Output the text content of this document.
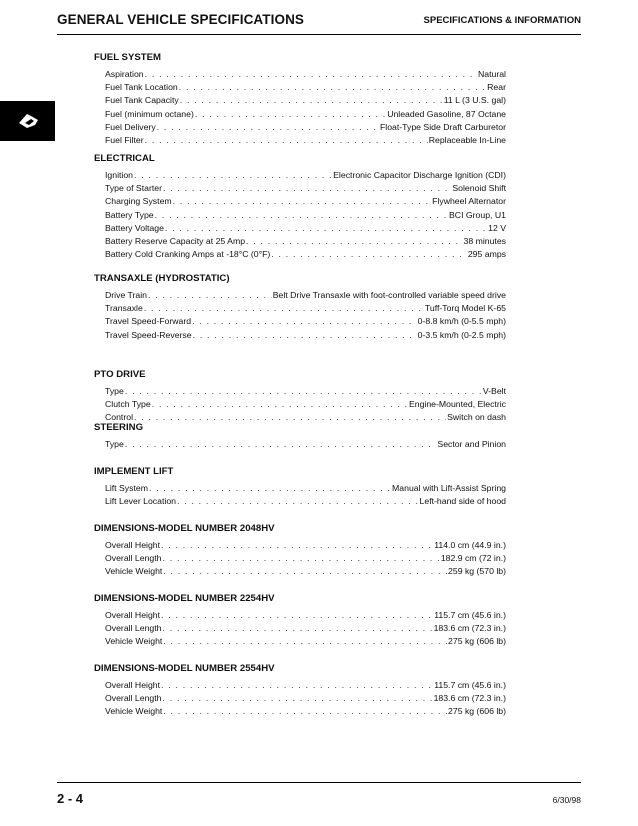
GENERAL VEHICLE SPECIFICATIONS	SPECIFICATIONS & INFORMATION
FUEL SYSTEM
Aspiration . . .	Natural
Fuel Tank Location . . .	Rear
Fuel Tank Capacity . . .	11 L (3 U.S. gal)
Fuel (minimum octane) . . .	Unleaded Gasoline, 87 Octane
Fuel Delivery . . .	Float-Type Side Draft Carburetor
Fuel Filter . . .	Replaceable In-Line
ELECTRICAL
Ignition . . .	Electronic Capacitor Discharge Ignition (CDI)
Type of Starter . . .	Solenoid Shift
Charging System . . .	Flywheel Alternator
Battery Type . . .	BCI Group, U1
Battery Voltage . . .	12 V
Battery Reserve Capacity at 25 Amp . . .	38 minutes
Battery Cold Cranking Amps at -18°C (0°F) . . .	295 amps
TRANSAXLE (HYDROSTATIC)
Drive Train . . .	Belt Drive Transaxle with foot-controlled variable speed drive
Transaxle . . .	Tuff-Torq Model K-65
Travel Speed-Forward . . .	0-8.8 km/h (0-5.5 mph)
Travel Speed-Reverse . . .	0-3.5 km/h (0-2.5 mph)
PTO DRIVE
Type . . .	V-Belt
Clutch Type . . .	Engine-Mounted, Electric
Control . . .	Switch on dash
STEERING
Type . . .	Sector and Pinion
IMPLEMENT LIFT
Lift System . . .	Manual with Lift-Assist Spring
Lift Lever Location . . .	Left-hand side of hood
DIMENSIONS-MODEL NUMBER 2048HV
Overall Height . . .	114.0 cm (44.9 in.)
Overall Length . . .	182.9 cm (72 in.)
Vehicle Weight . . .	259 kg (570 lb)
DIMENSIONS-MODEL NUMBER 2254HV
Overall Height . . .	115.7 cm (45.6 in.)
Overall Length . . .	183.6 cm (72.3 in.)
Vehicle Weight . . .	275 kg (606 lb)
DIMENSIONS-MODEL NUMBER 2554HV
Overall Height . . .	115.7 cm (45.6 in.)
Overall Length . . .	183.6 cm (72.3 in.)
Vehicle Weight . . .	275 kg (606 lb)
2 - 4	6/30/98
